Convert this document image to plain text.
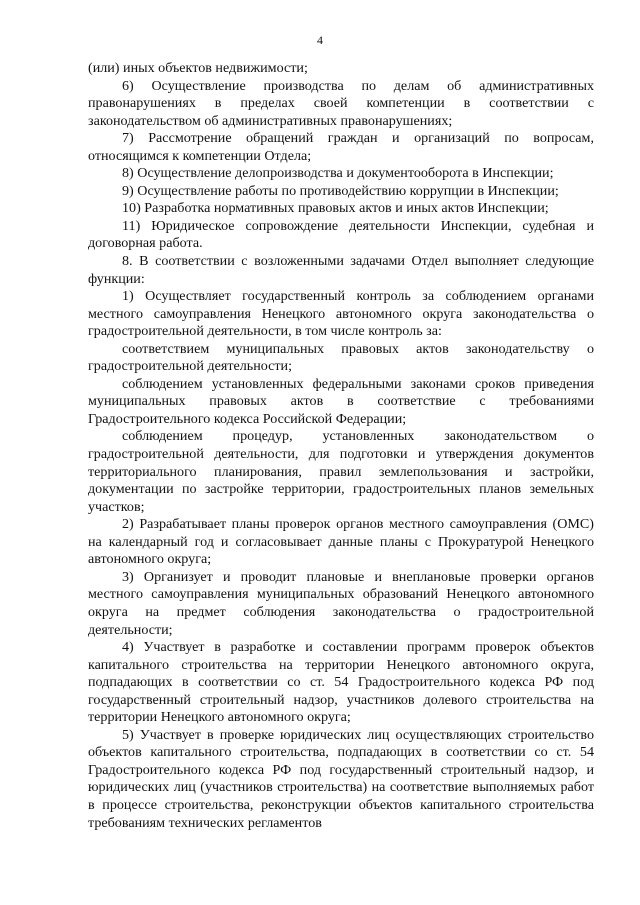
4

(или) иных объектов недвижимости;

6) Осуществление производства по делам об административных правонарушениях в пределах своей компетенции в соответствии с законодательством об административных правонарушениях;

7) Рассмотрение обращений граждан и организаций по вопросам, относящимся к компетенции Отдела;

8) Осуществление делопроизводства и документооборота в Инспекции;

9) Осуществление работы по противодействию коррупции в Инспекции;

10) Разработка нормативных правовых актов и иных актов Инспекции;

11) Юридическое сопровождение деятельности Инспекции, судебная и договорная работа.

8. В соответствии с возложенными задачами Отдел выполняет следующие функции:

1) Осуществляет государственный контроль за соблюдением органами местного самоуправления Ненецкого автономного округа законодательства о градостроительной деятельности, в том числе контроль за:

соответствием муниципальных правовых актов законодательству о градостроительной деятельности;

соблюдением установленных федеральными законами сроков приведения муниципальных правовых актов в соответствие с требованиями Градостроительного кодекса Российской Федерации;

соблюдением процедур, установленных законодательством о градостроительной деятельности, для подготовки и утверждения документов территориального планирования, правил землепользования и застройки, документации по застройке территории, градостроительных планов земельных участков;

2) Разрабатывает планы проверок органов местного самоуправления (ОМС) на календарный год и согласовывает данные планы с Прокуратурой Ненецкого автономного округа;

3) Организует и проводит плановые и внеплановые проверки органов местного самоуправления муниципальных образований Ненецкого автономного округа на предмет соблюдения законодательства о градостроительной деятельности;

4) Участвует в разработке и составлении программ проверок объектов капитального строительства на территории Ненецкого автономного округа, подпадающих в соответствии со ст. 54 Градостроительного кодекса РФ под государственный строительный надзор, участников долевого строительства на территории Ненецкого автономного округа;

5) Участвует в проверке юридических лиц осуществляющих строительство объектов капитального строительства, подпадающих в соответствии со ст. 54 Градостроительного кодекса РФ под государственный строительный надзор, и юридических лиц (участников строительства) на соответствие выполняемых работ в процессе строительства, реконструкции объектов капитального строительства требованиям технических регламентов
